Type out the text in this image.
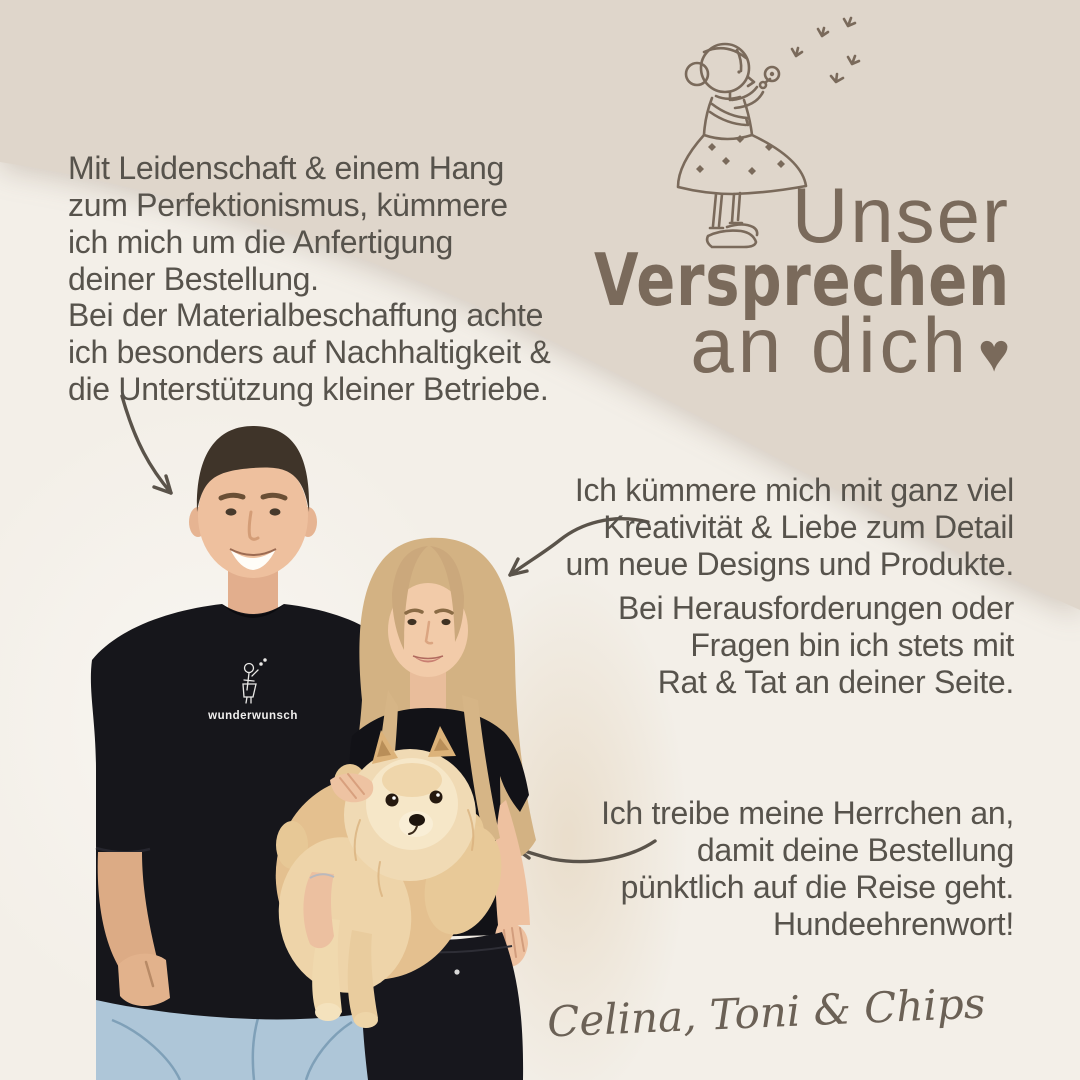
wunderwunsch
Unser
Versprechen
an dich ♥
Mit Leidenschaft & einem Hang
zum Perfektionismus, kümmere
ich mich um die Anfertigung
deiner Bestellung.
Bei der Materialbeschaffung achte
ich besonders auf Nachhaltigkeit &
die Unterstützung kleiner Betriebe.
Ich kümmere mich mit ganz viel
Kreativität & Liebe zum Detail
um neue Designs und Produkte.
Bei Herausforderungen oder
Fragen bin ich stets mit
Rat & Tat an deiner Seite.
Ich treibe meine Herrchen an,
damit deine Bestellung
pünktlich auf die Reise geht.
Hundeehrenwort!
Celina, Toni & Chips
